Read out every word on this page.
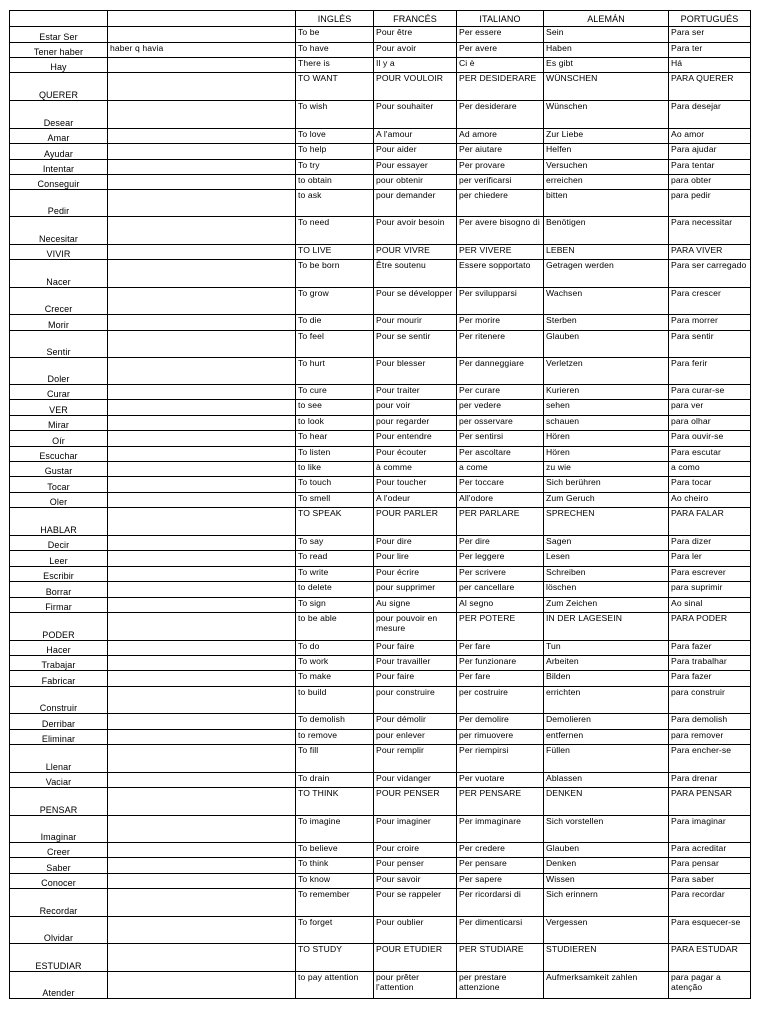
		INGLÉS	FRANCÉS	ITALIANO	ALEMÁN	PORTUGUÉS
Estar Ser		To be	Pour être	Per essere	Sein	Para ser
Tener haber	haber q havia	To have	Pour avoir	Per avere	Haben	Para ter
Hay		There is	Il y a	Ci è	Es gibt	Há
QUERER		TO WANT	POUR VOULOIR	PER DESIDERARE	WÜNSCHEN	PARA QUERER
Desear		To wish	Pour souhaiter	Per desiderare	Wünschen	Para desejar
Amar		To love	A l'amour	Ad amore	Zur Liebe	Ao amor
Ayudar		To help	Pour aider	Per aiutare	Helfen	Para ajudar
Intentar		To try	Pour essayer	Per provare	Versuchen	Para tentar
Conseguir		to obtain	pour obtenir	per verificarsi	erreichen	para obter
Pedir		to ask	pour demander	per chiedere	bitten	para pedir
Necesitar		To need	Pour avoir besoin	Per avere bisogno di	Benötigen	Para necessitar
VIVIR		TO LIVE	POUR VIVRE	PER VIVERE	LEBEN	PARA VIVER
Nacer		To be born	Être soutenu	Essere sopportato	Getragen werden	Para ser carregado
Crecer		To grow	Pour se développer	Per svilupparsi	Wachsen	Para crescer
Morir		To die	Pour mourir	Per morire	Sterben	Para morrer
Sentir		To feel	Pour se sentir	Per ritenere	Glauben	Para sentir
Doler		To hurt	Pour blesser	Per danneggiare	Verletzen	Para ferir
Curar		To cure	Pour traiter	Per curare	Kurieren	Para curar-se
VER		to see	pour voir	per vedere	sehen	para ver
Mirar		to look	pour regarder	per osservare	schauen	para olhar
Oír		To hear	Pour entendre	Per sentirsi	Hören	Para ouvir-se
Escuchar		To listen	Pour écouter	Per ascoltare	Hören	Para escutar
Gustar		to like	à comme	a come	zu wie	a como
Tocar		To touch	Pour toucher	Per toccare	Sich berühren	Para tocar
Oler		To smell	A l'odeur	All'odore	Zum Geruch	Ao cheiro
HABLAR		TO SPEAK	POUR PARLER	PER PARLARE	SPRECHEN	PARA FALAR
Decir		To say	Pour dire	Per dire	Sagen	Para dizer
Leer		To read	Pour lire	Per leggere	Lesen	Para ler
Escribir		To write	Pour écrire	Per scrivere	Schreiben	Para escrever
Borrar		to delete	pour supprimer	per cancellare	löschen	para suprimir
Firmar		To sign	Au signe	Al segno	Zum Zeichen	Ao sinal
PODER		to be able	pour pouvoir en mesure	PER POTERE	IN DER LAGESEIN	PARA PODER
Hacer		To do	Pour faire	Per fare	Tun	Para fazer
Trabajar		To work	Pour travailler	Per funzionare	Arbeiten	Para trabalhar
Fabricar		To make	Pour faire	Per fare	Bilden	Para fazer
Construir		to build	pour construire	per costruire	errichten	para construir
Derribar		To demolish	Pour démolir	Per demolire	Demolieren	Para demolish
Eliminar		to remove	pour enlever	per rimuovere	entfernen	para remover
Llenar		To fill	Pour remplir	Per riempirsi	Füllen	Para encher-se
Vaciar		To drain	Pour vidanger	Per vuotare	Ablassen	Para drenar
PENSAR		TO THINK	POUR PENSER	PER PENSARE	DENKEN	PARA PENSAR
Imaginar		To imagine	Pour imaginer	Per immaginare	Sich vorstellen	Para imaginar
Creer		To believe	Pour croire	Per credere	Glauben	Para acreditar
Saber		To think	Pour penser	Per pensare	Denken	Para pensar
Conocer		To know	Pour savoir	Per sapere	Wissen	Para saber
Recordar		To remember	Pour se rappeler	Per ricordarsi di	Sich erinnern	Para recordar
Olvidar		To forget	Pour oublier	Per dimenticarsi	Vergessen	Para esquecer-se
ESTUDIAR		TO STUDY	POUR ETUDIER	PER STUDIARE	STUDIEREN	PARA ESTUDAR
Atender		to pay attention	pour prêter l'attention	per prestare attenzione	Aufmerksamkeit zahlen	para pagar a atenção
